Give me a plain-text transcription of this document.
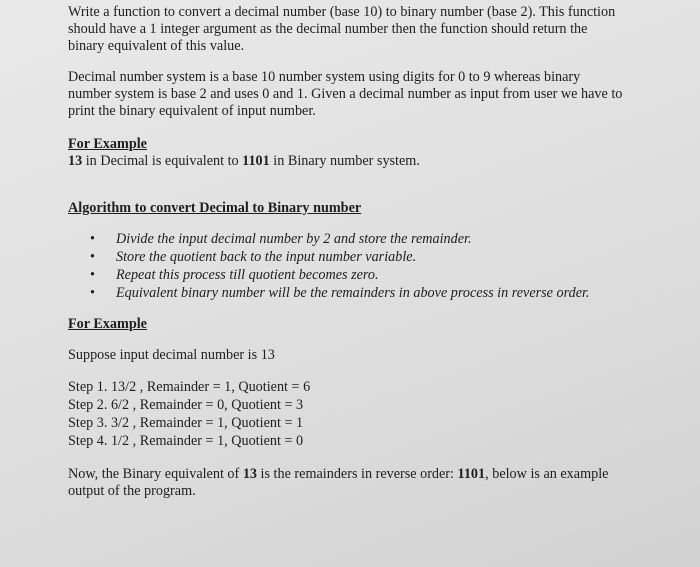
Write a function to convert a decimal number (base 10) to binary number (base 2). This function

should have a 1 integer argument as the decimal number then the function should return the

binary equivalent of this value.

Decimal number system is a base 10 number system using digits for 0 to 9 whereas binary

number system is base 2 and uses 0 and 1. Given a decimal number as input from user we have to

print the binary equivalent of input number.

For Example

13 in Decimal is equivalent to 1101 in Binary number system.

Algorithm to convert Decimal to Binary number
• Divide the input decimal number by 2 and store the remainder.
• Store the quotient back to the input number variable.
• Repeat this process till quotient becomes zero.
• Equivalent binary number will be the remainders in above process in reverse order.
For Example

Suppose input decimal number is 13

Step 1. 13/2 , Remainder = 1, Quotient = 6

Step 2. 6/2 , Remainder = 0, Quotient = 3

Step 3. 3/2 , Remainder = 1, Quotient = 1

Step 4. 1/2 , Remainder = 1, Quotient = 0

Now, the Binary equivalent of 13 is the remainders in reverse order: 1101, below is an example

output of the program.
